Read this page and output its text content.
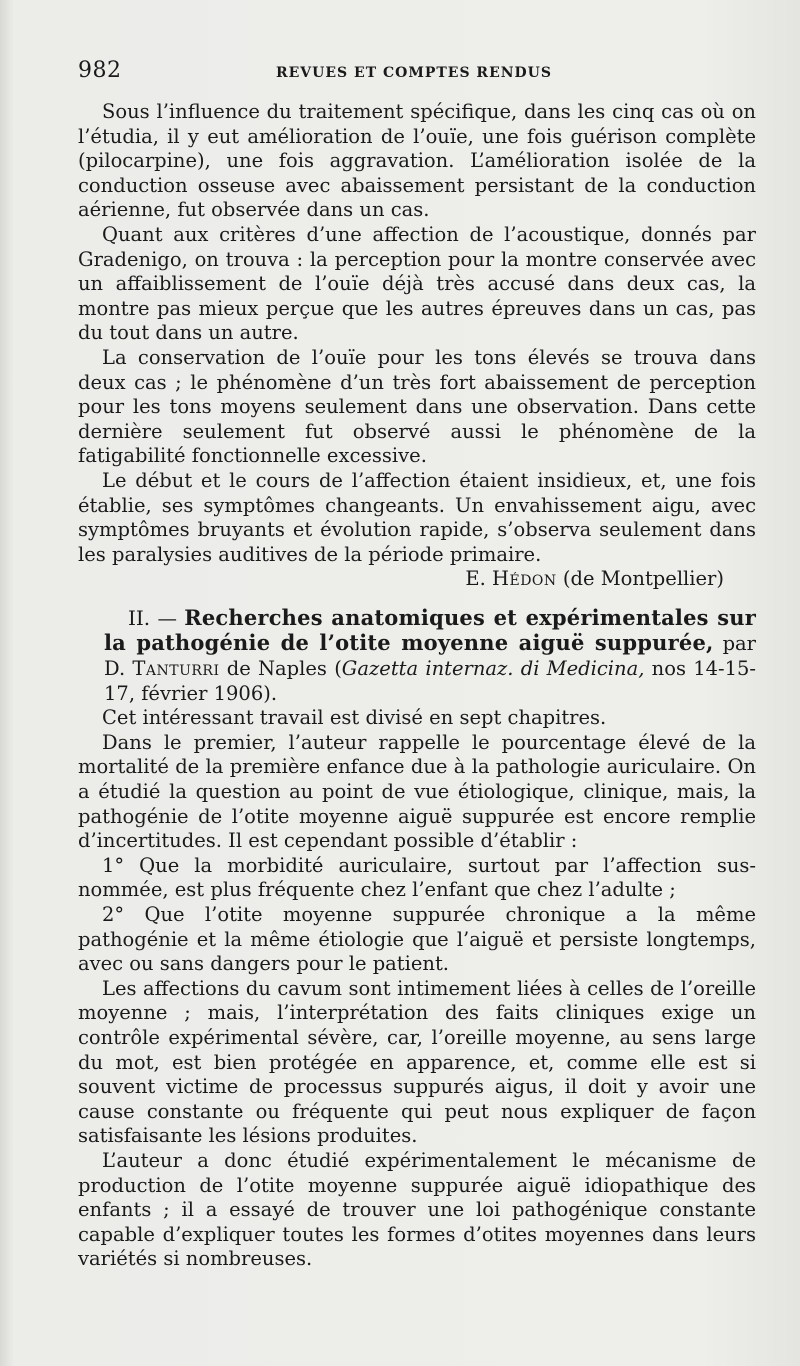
982	REVUES ET COMPTES RENDUS

Sous l’influence du traitement spécifique, dans les cinq cas où on l’étudia, il y eut amélioration de l’ouïe, une fois guérison complète (pilocarpine), une fois aggravation. L’amélioration isolée de la conduction osseuse avec abaissement persistant de la conduction aérienne, fut observée dans un cas.

Quant aux critères d’une affection de l’acoustique, donnés par Gradenigo, on trouva : la perception pour la montre conservée avec un affaiblissement de l’ouïe déjà très accusé dans deux cas, la montre pas mieux perçue que les autres épreuves dans un cas, pas du tout dans un autre.

La conservation de l’ouïe pour les tons élevés se trouva dans deux cas ; le phénomène d’un très fort abaissement de perception pour les tons moyens seulement dans une observation. Dans cette dernière seulement fut observé aussi le phénomène de la fatigabilité fonctionnelle excessive.

Le début et le cours de l’affection étaient insidieux, et, une fois établie, ses symptômes changeants. Un envahissement aigu, avec symptômes bruyants et évolution rapide, s’observa seulement dans les paralysies auditives de la période primaire.

E. Hédon (de Montpellier)

II. — Recherches anatomiques et expérimentales sur la pathogénie de l’otite moyenne aiguë suppurée, par D. Tanturri de Naples (Gazetta internaz. di Medicina, nos 14-15-17, février 1906).

Cet intéressant travail est divisé en sept chapitres.

Dans le premier, l’auteur rappelle le pourcentage élevé de la mortalité de la première enfance due à la pathologie auriculaire. On a étudié la question au point de vue étiologique, clinique, mais, la pathogénie de l’otite moyenne aiguë suppurée est encore remplie d’incertitudes. Il est cependant possible d’établir :

1° Que la morbidité auriculaire, surtout par l’affection sus-nommée, est plus fréquente chez l’enfant que chez l’adulte ;

2° Que l’otite moyenne suppurée chronique a la même pathogénie et la même étiologie que l’aiguë et persiste longtemps, avec ou sans dangers pour le patient.

Les affections du cavum sont intimement liées à celles de l’oreille moyenne ; mais, l’interprétation des faits cliniques exige un contrôle expérimental sévère, car, l’oreille moyenne, au sens large du mot, est bien protégée en apparence, et, comme elle est si souvent victime de processus suppurés aigus, il doit y avoir une cause constante ou fréquente qui peut nous expliquer de façon satisfaisante les lésions produites.

L’auteur a donc étudié expérimentalement le mécanisme de production de l’otite moyenne suppurée aiguë idiopathique des enfants ; il a essayé de trouver une loi pathogénique constante capable d’expliquer toutes les formes d’otites moyennes dans leurs variétés si nombreuses.
